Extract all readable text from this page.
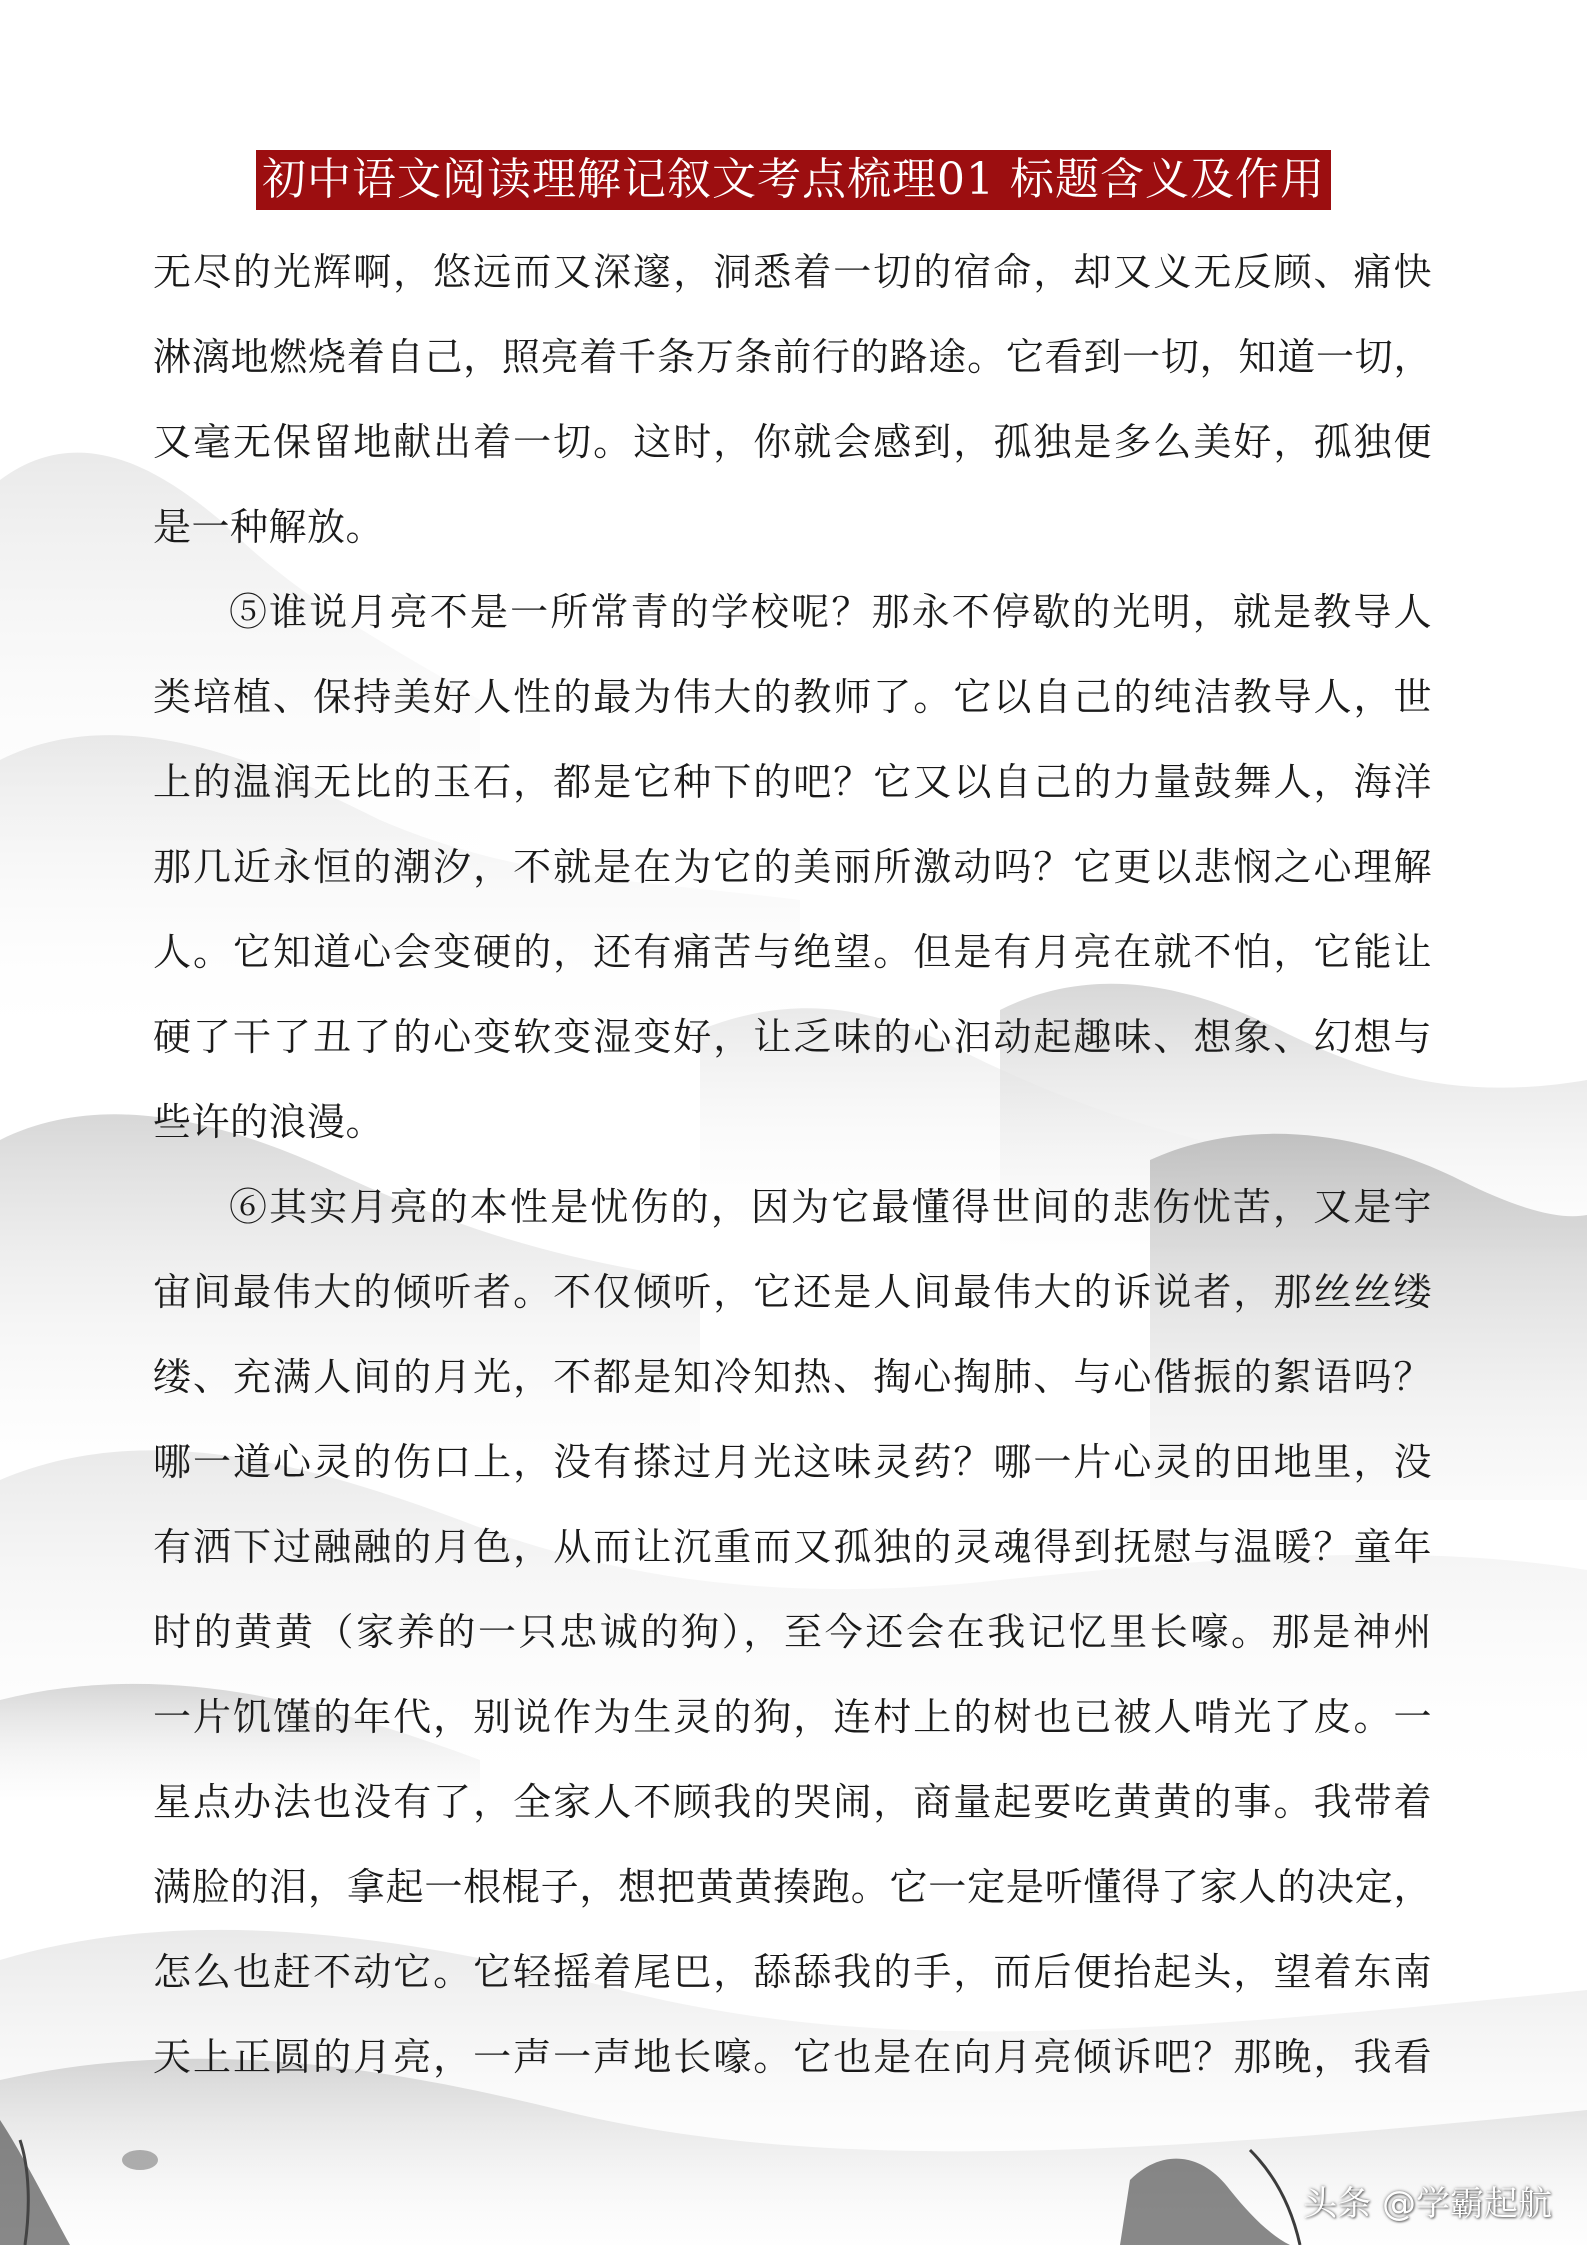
初中语文阅读理解记叙文考点梳理01 标题含义及作用
无尽的光辉啊，悠远而又深邃，洞悉着一切的宿命，却又义无反顾、痛快
淋漓地燃烧着自己，照亮着千条万条前行的路途。它看到一切，知道一切，
又毫无保留地献出着一切。这时，你就会感到，孤独是多么美好，孤独便
是一种解放。
⑤谁说月亮不是一所常青的学校呢？那永不停歇的光明，就是教导人
类培植、保持美好人性的最为伟大的教师了。它以自己的纯洁教导人，世
上的温润无比的玉石，都是它种下的吧？它又以自己的力量鼓舞人，海洋
那几近永恒的潮汐，不就是在为它的美丽所激动吗？它更以悲悯之心理解
人。它知道心会变硬的，还有痛苦与绝望。但是有月亮在就不怕，它能让
硬了干了丑了的心变软变湿变好，让乏味的心汩动起趣味、想象、幻想与
些许的浪漫。
⑥其实月亮的本性是忧伤的，因为它最懂得世间的悲伤忧苦，又是宇
宙间最伟大的倾听者。不仅倾听，它还是人间最伟大的诉说者，那丝丝缕
缕、充满人间的月光，不都是知冷知热、掏心掏肺、与心偕振的絮语吗？
哪一道心灵的伤口上，没有搽过月光这味灵药？哪一片心灵的田地里，没
有洒下过融融的月色，从而让沉重而又孤独的灵魂得到抚慰与温暖？童年
时的黄黄（家养的一只忠诚的狗），至今还会在我记忆里长嚎。那是神州
一片饥馑的年代，别说作为生灵的狗，连村上的树也已被人啃光了皮。一
星点办法也没有了，全家人不顾我的哭闹，商量起要吃黄黄的事。我带着
满脸的泪，拿起一根棍子，想把黄黄揍跑。它一定是听懂得了家人的决定，
怎么也赶不动它。它轻摇着尾巴，舔舔我的手，而后便抬起头，望着东南
天上正圆的月亮，一声一声地长嚎。它也是在向月亮倾诉吧？那晚，我看
头条 @学霸起航
